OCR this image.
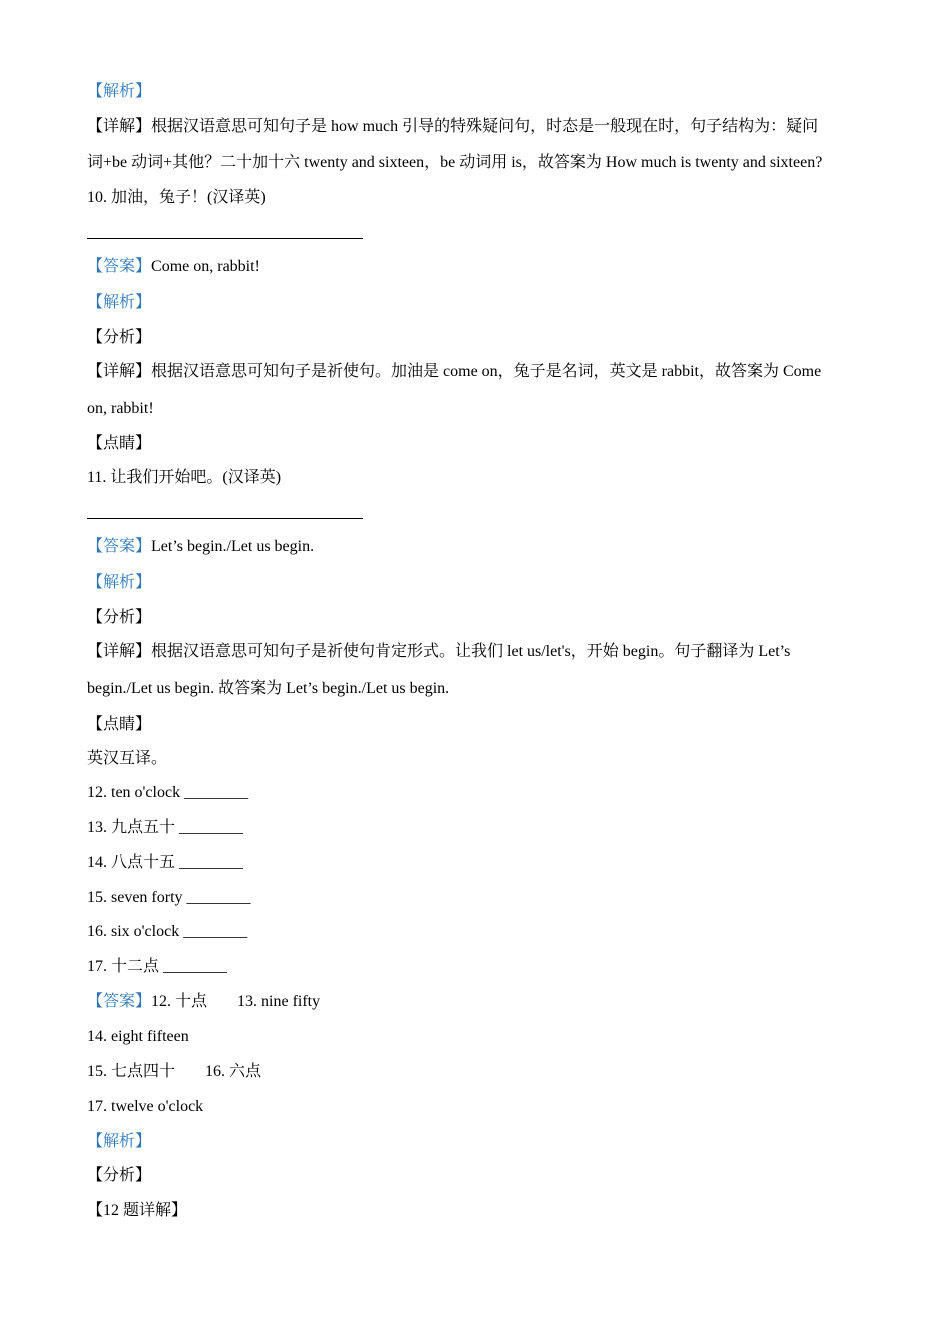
【解析】
【详解】根据汉语意思可知句子是 how much 引导的特殊疑问句，时态是一般现在时，句子结构为：疑问
词+be 动词+其他？二十加十六 twenty and sixteen，be 动词用 is，故答案为 How much is twenty and sixteen?
10. 加油，兔子！(汉译英)
【答案】Come on, rabbit!
【解析】
【分析】
【详解】根据汉语意思可知句子是祈使句。加油是 come on，兔子是名词，英文是 rabbit，故答案为 Come
on, rabbit!
【点睛】
11. 让我们开始吧。(汉译英)
【答案】Let’s begin./Let us begin.
【解析】
【分析】
【详解】根据汉语意思可知句子是祈使句肯定形式。让我们 let us/let's，开始 begin。句子翻译为 Let’s
begin./Let us begin. 故答案为 Let’s begin./Let us begin.
【点睛】
英汉互译。
12. ten o'clock ________
13. 九点五十 ________
14. 八点十五 ________
15. seven forty ________
16. six o'clock ________
17. 十二点 ________
【答案】12. 十点 13. nine fifty
14. eight fifteen
15. 七点四十 16. 六点
17. twelve o'clock
【解析】
【分析】
【12 题详解】
